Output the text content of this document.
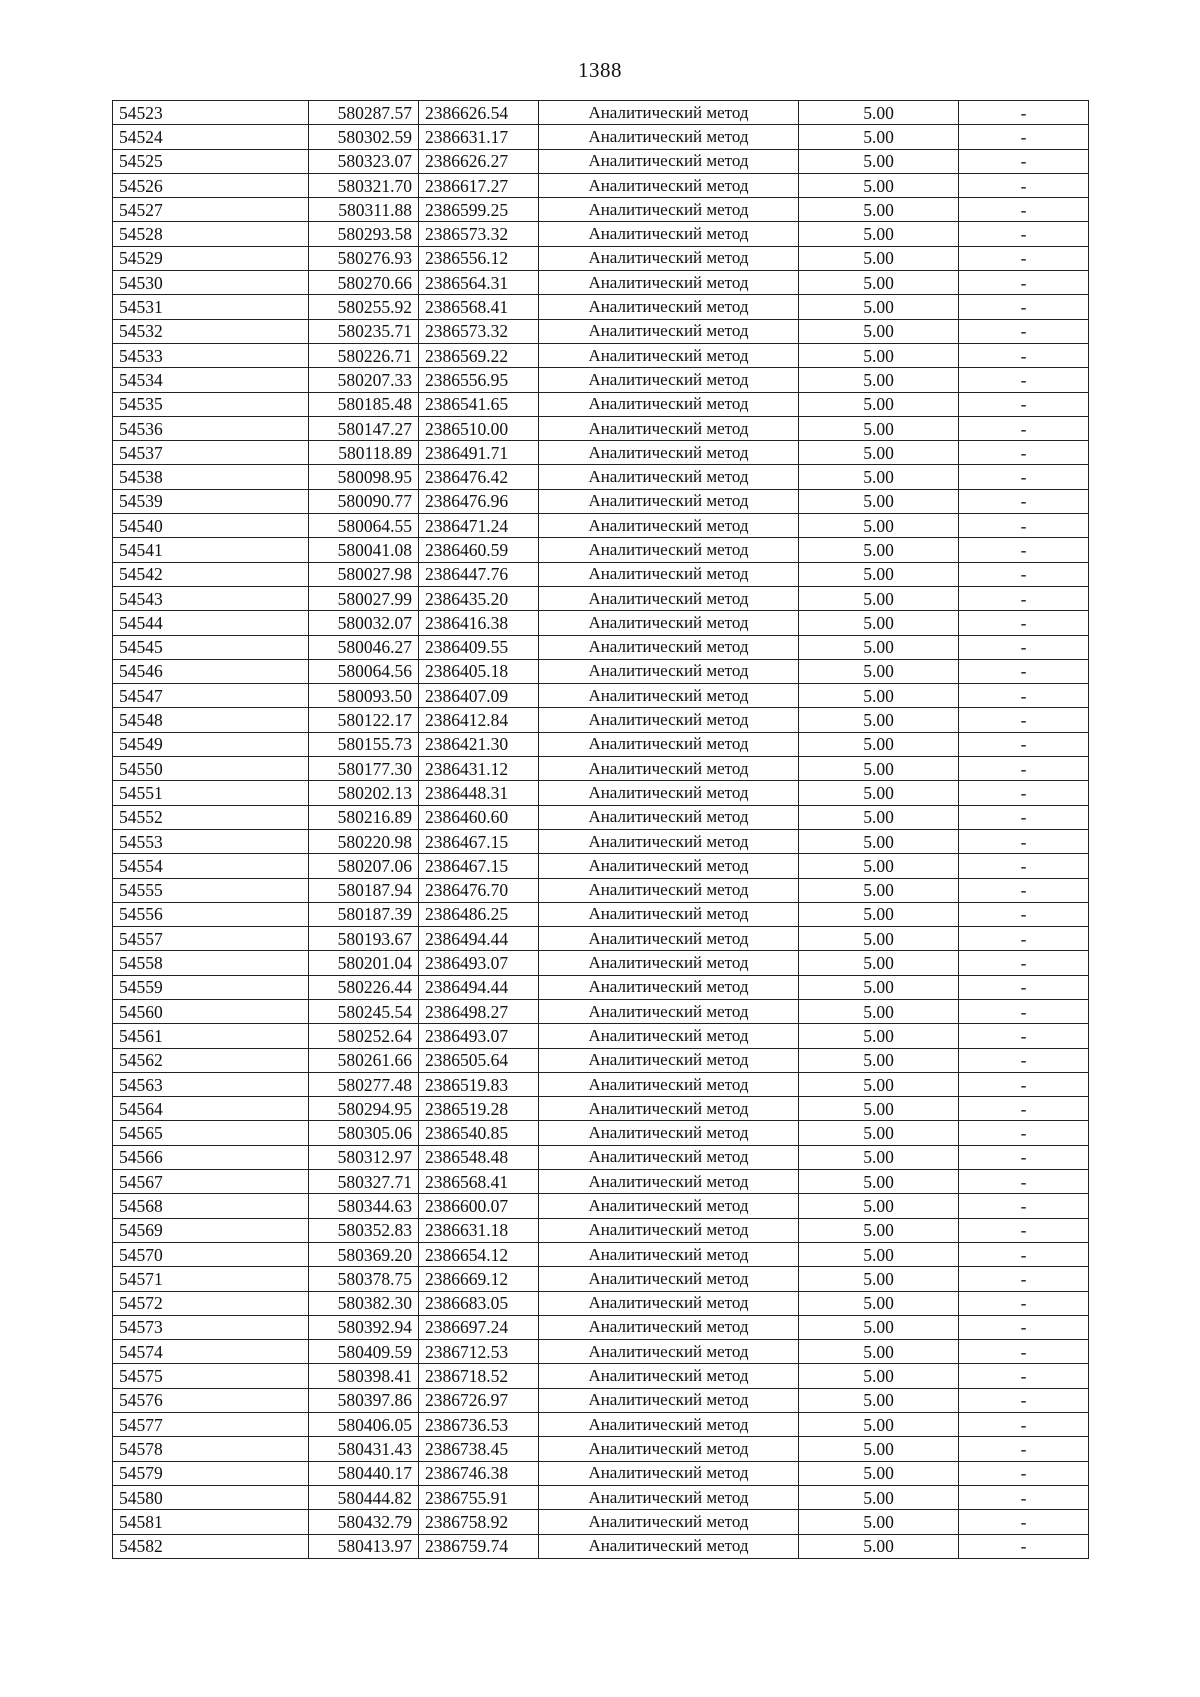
1388
54523	580287.57	2386626.54	Аналитический метод	5.00	-
54524	580302.59	2386631.17	Аналитический метод	5.00	-
54525	580323.07	2386626.27	Аналитический метод	5.00	-
54526	580321.70	2386617.27	Аналитический метод	5.00	-
54527	580311.88	2386599.25	Аналитический метод	5.00	-
54528	580293.58	2386573.32	Аналитический метод	5.00	-
54529	580276.93	2386556.12	Аналитический метод	5.00	-
54530	580270.66	2386564.31	Аналитический метод	5.00	-
54531	580255.92	2386568.41	Аналитический метод	5.00	-
54532	580235.71	2386573.32	Аналитический метод	5.00	-
54533	580226.71	2386569.22	Аналитический метод	5.00	-
54534	580207.33	2386556.95	Аналитический метод	5.00	-
54535	580185.48	2386541.65	Аналитический метод	5.00	-
54536	580147.27	2386510.00	Аналитический метод	5.00	-
54537	580118.89	2386491.71	Аналитический метод	5.00	-
54538	580098.95	2386476.42	Аналитический метод	5.00	-
54539	580090.77	2386476.96	Аналитический метод	5.00	-
54540	580064.55	2386471.24	Аналитический метод	5.00	-
54541	580041.08	2386460.59	Аналитический метод	5.00	-
54542	580027.98	2386447.76	Аналитический метод	5.00	-
54543	580027.99	2386435.20	Аналитический метод	5.00	-
54544	580032.07	2386416.38	Аналитический метод	5.00	-
54545	580046.27	2386409.55	Аналитический метод	5.00	-
54546	580064.56	2386405.18	Аналитический метод	5.00	-
54547	580093.50	2386407.09	Аналитический метод	5.00	-
54548	580122.17	2386412.84	Аналитический метод	5.00	-
54549	580155.73	2386421.30	Аналитический метод	5.00	-
54550	580177.30	2386431.12	Аналитический метод	5.00	-
54551	580202.13	2386448.31	Аналитический метод	5.00	-
54552	580216.89	2386460.60	Аналитический метод	5.00	-
54553	580220.98	2386467.15	Аналитический метод	5.00	-
54554	580207.06	2386467.15	Аналитический метод	5.00	-
54555	580187.94	2386476.70	Аналитический метод	5.00	-
54556	580187.39	2386486.25	Аналитический метод	5.00	-
54557	580193.67	2386494.44	Аналитический метод	5.00	-
54558	580201.04	2386493.07	Аналитический метод	5.00	-
54559	580226.44	2386494.44	Аналитический метод	5.00	-
54560	580245.54	2386498.27	Аналитический метод	5.00	-
54561	580252.64	2386493.07	Аналитический метод	5.00	-
54562	580261.66	2386505.64	Аналитический метод	5.00	-
54563	580277.48	2386519.83	Аналитический метод	5.00	-
54564	580294.95	2386519.28	Аналитический метод	5.00	-
54565	580305.06	2386540.85	Аналитический метод	5.00	-
54566	580312.97	2386548.48	Аналитический метод	5.00	-
54567	580327.71	2386568.41	Аналитический метод	5.00	-
54568	580344.63	2386600.07	Аналитический метод	5.00	-
54569	580352.83	2386631.18	Аналитический метод	5.00	-
54570	580369.20	2386654.12	Аналитический метод	5.00	-
54571	580378.75	2386669.12	Аналитический метод	5.00	-
54572	580382.30	2386683.05	Аналитический метод	5.00	-
54573	580392.94	2386697.24	Аналитический метод	5.00	-
54574	580409.59	2386712.53	Аналитический метод	5.00	-
54575	580398.41	2386718.52	Аналитический метод	5.00	-
54576	580397.86	2386726.97	Аналитический метод	5.00	-
54577	580406.05	2386736.53	Аналитический метод	5.00	-
54578	580431.43	2386738.45	Аналитический метод	5.00	-
54579	580440.17	2386746.38	Аналитический метод	5.00	-
54580	580444.82	2386755.91	Аналитический метод	5.00	-
54581	580432.79	2386758.92	Аналитический метод	5.00	-
54582	580413.97	2386759.74	Аналитический метод	5.00	-
